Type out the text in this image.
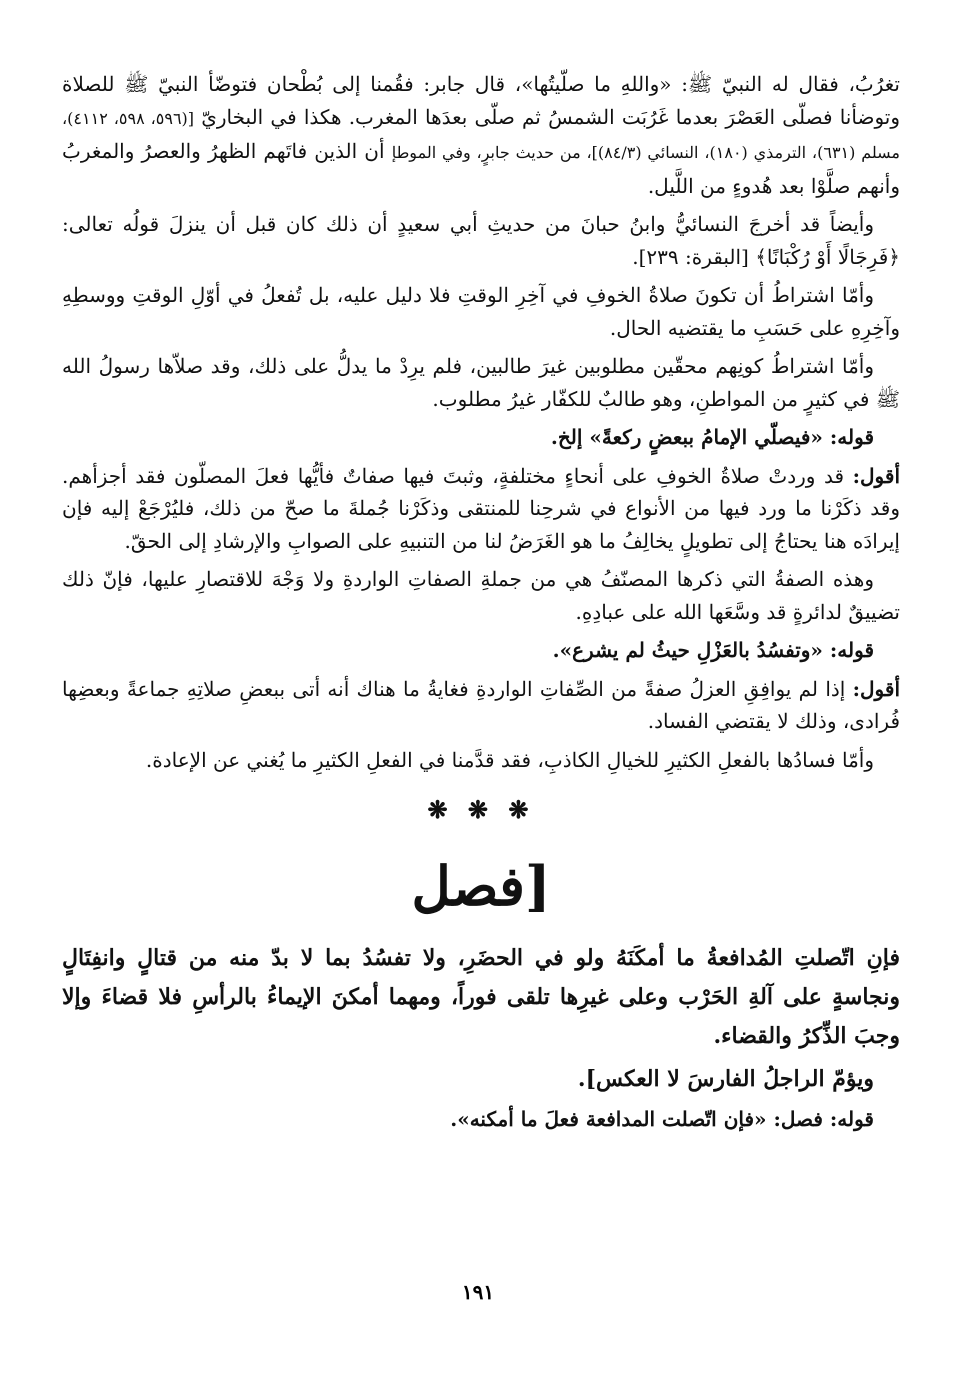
تغرُبُ، فقال له النبيّ ﷺ: «واللهِ ما صلّيتُها»، قال جابر: فقُمنا إلى بُطْحان فتوضّأ النبيّ ﷺ للصلاة وتوضأنا فصلّى العَصْرَ بعدما غَرُبَت الشمسُ ثم صلّى بعدَها المغرب. هكذا في البخاريّ [(٥٩٦، ٥٩٨، ٤١١٢)، مسلم (٦٣١)، الترمذي (١٨٠)، النسائي (٨٤/٣)]، من حديث جابرٍ، وفي الموطإ أن الذين فاتَهم الظهرُ والعصرُ والمغربُ وأنهم صلَّوْا بعد هُدوءٍ من اللَّيل.

وأيضاً قد أخرجَ النسائيُّ وابنُ حبانَ من حديثِ أبي سعيدٍ أن ذلك كان قبل أن ينزلَ قولُه تعالى: ﴿فَرِجَالًا أَوْ رُكْبَانًا﴾ [البقرة: ٢٣٩].

وأمّا اشتراطُ أن تكونَ صلاةُ الخوفِ في آخِرِ الوقتِ فلا دليل عليه، بل تُفعلُ في أوّلِ الوقتِ ووسطِهِ وآخِرِهِ على حَسَبِ ما يقتضيه الحال.

وأمّا اشتراطُ كونِهم محقّين مطلوبين غيرَ طالبين، فلم يرِدْ ما يدلُّ على ذلك، وقد صلاّها رسولُ الله ﷺ في كثيرٍ من المواطنِ، وهو طالبٌ للكفّار غيرُ مطلوب.

قوله: «فيصلّي الإمامُ ببعضٍ ركعةً» إلخ.

أقول: قد وردتْ صلاةُ الخوفِ على أنحاءٍ مختلفةٍ، وثبتَ فيها صفاتٌ فأيُّها فعلَ المصلّون فقد أجزأهم. وقد ذكَرْنا ما ورد فيها من الأنواع في شرحِنا للمنتقى وذكَرْنا جُملةَ ما صحّ من ذلك، فليُرْجَعْ إليه فإن إيرادَه هنا يحتاجُ إلى تطويلٍ يخالِفُ ما هو الغَرَضُ لنا من التنبيهِ على الصوابِ والإرشادِ إلى الحقّ.

وهذه الصفةُ التي ذكرها المصنّفُ هي من جملةِ الصفاتِ الواردةِ ولا وَجْهَ للاقتصارِ عليها، فإنّ ذلك تضييقٌ لدائرةٍ قد وسَّعَها الله على عبادِهِ.

قوله: «وتفسُدُ بالعَزْلِ حيثُ لم يشرع».

أقول: إذا لم يوافِقِ العزلُ صفةً من الصِّفاتِ الواردةِ فغايةُ ما هناك أنه أتى ببعضِ صلاتِهِ جماعةً وبعضِها فُرادى، وذلك لا يقتضي الفساد.

وأمّا فسادُها بالفعلِ الكثيرِ للخيالِ الكاذبِ، فقد قدَّمنا في الفعلِ الكثيرِ ما يُغني عن الإعادة.

❋ ❋ ❋
[فصل

فإنِ اتّصلتِ المُدافعةُ ما أمكَنَهُ ولو في الحضَرِ، ولا تفسُدُ بما لا بدّ منه من قتالٍ وانفِتَالٍ ونجاسةٍ على آلةِ الحَرْب وعلى غيرِها تلقى فوراً، ومهما أمكنَ الإيماءُ بالرأسِ فلا قضاءَ وإلا وجبَ الذِّكرُ والقضاء.

ويؤمّ الراجلُ الفارسَ لا العكس].

قوله: فصل: «فإن اتّصلت المدافعة فعلَ ما أمكنه».

١٩١
